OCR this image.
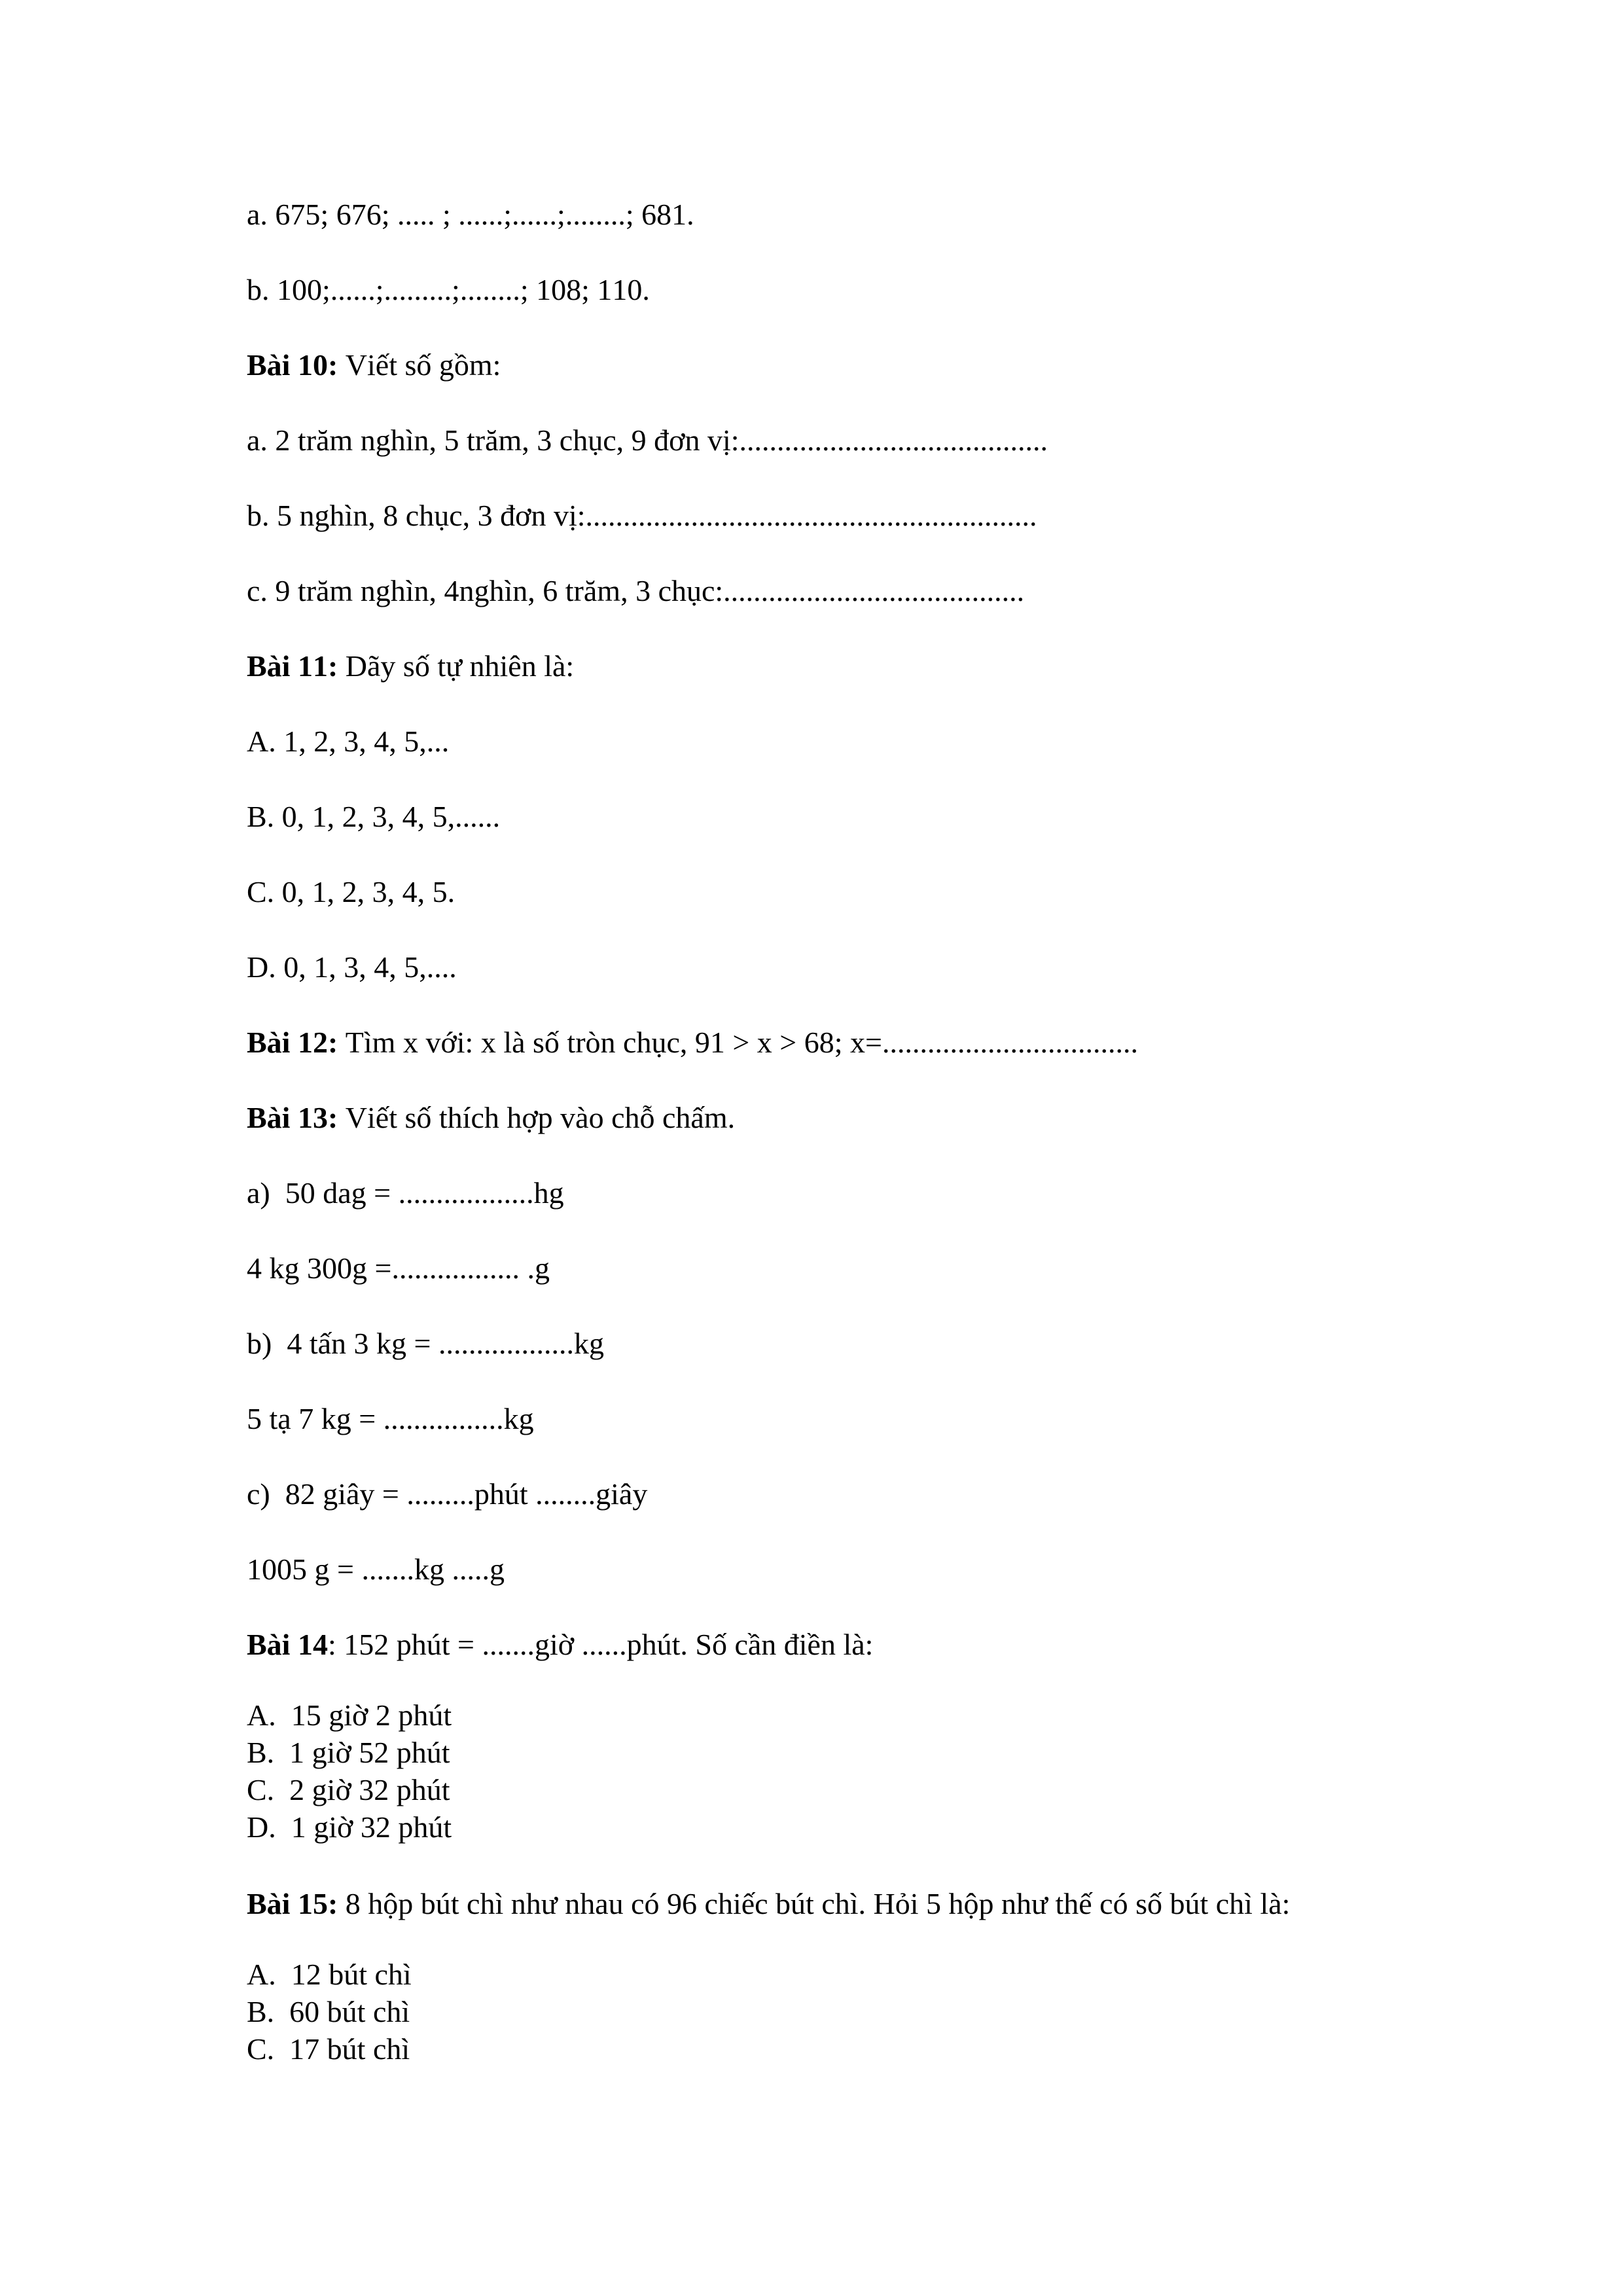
a. 675; 676; ..... ; ......;......;........; 681.

b. 100;......;.........;........; 108; 110.

Bài 10: Viết số gồm:

a. 2 trăm nghìn, 5 trăm, 3 chục, 9 đơn vị:.........................................

b. 5 nghìn, 8 chục, 3 đơn vị:............................................................

c. 9 trăm nghìn, 4nghìn, 6 trăm, 3 chục:........................................

Bài 11: Dãy số tự nhiên là:

A. 1, 2, 3, 4, 5,...

B. 0, 1, 2, 3, 4, 5,......

C. 0, 1, 2, 3, 4, 5.

D. 0, 1, 3, 4, 5,....

Bài 12: Tìm x với: x là số tròn chục, 91 > x > 68; x=..................................

Bài 13: Viết số thích hợp vào chỗ chấm.

a)  50 dag = ..................hg

4 kg 300g =................. .g

b)  4 tấn 3 kg = ..................kg

5 tạ 7 kg = ................kg

c)  82 giây = .........phút ........giây

1005 g = .......kg .....g

Bài 14: 152 phút = .......giờ ......phút. Số cần điền là:

A.  15 giờ 2 phút

B.  1 giờ 52 phút

C.  2 giờ 32 phút

D.  1 giờ 32 phút

Bài 15: 8 hộp bút chì như nhau có 96 chiếc bút chì. Hỏi 5 hộp như thế có số bút chì là:

A.  12 bút chì

B.  60 bút chì

C.  17 bút chì
